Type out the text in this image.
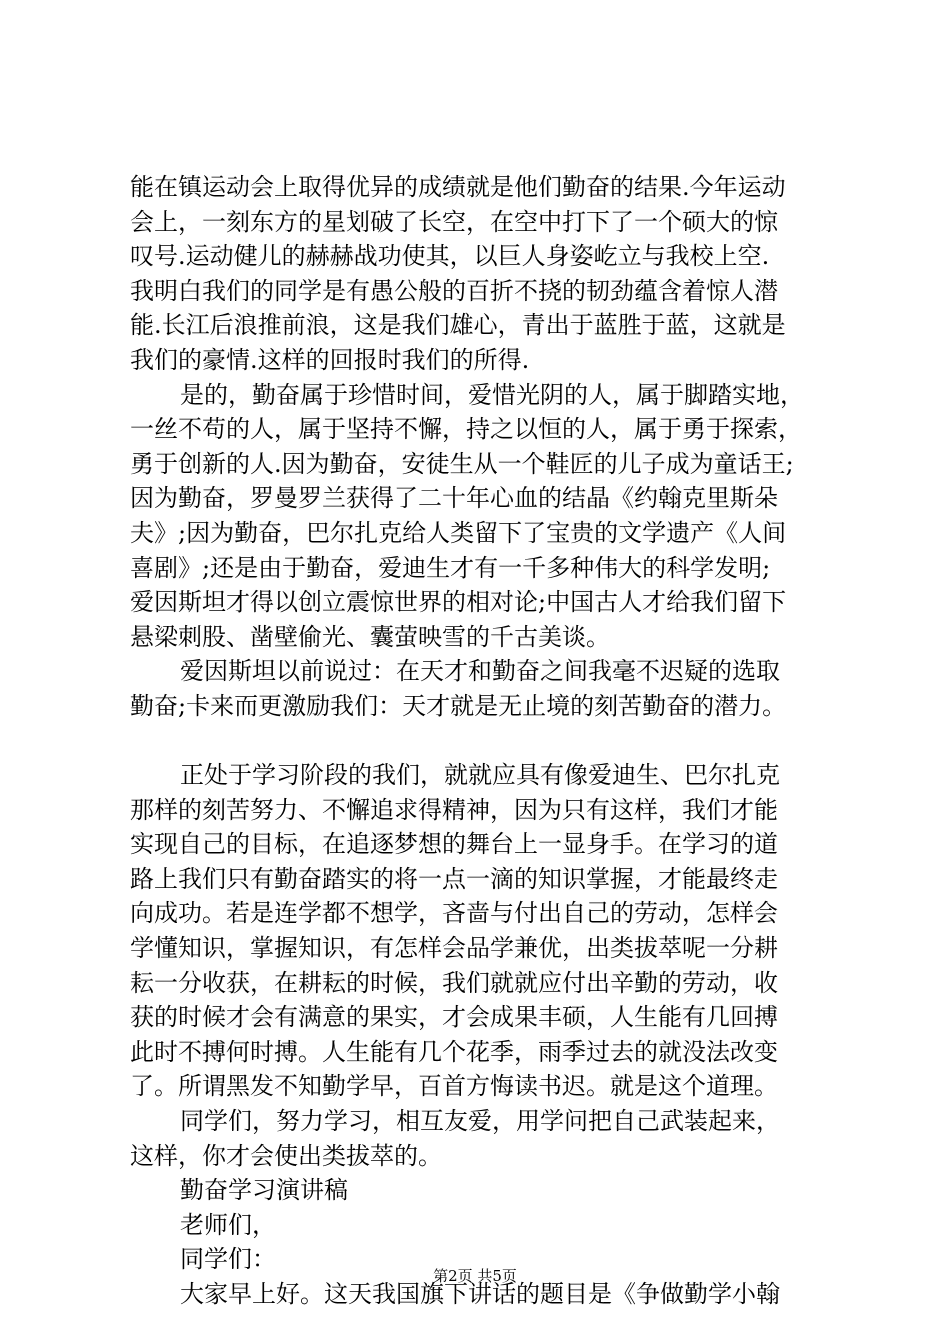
能在镇运动会上取得优异的成绩就是他们勤奋的结果.今年运动
会上，一刻东方的星划破了长空，在空中打下了一个硕大的惊
叹号.运动健儿的赫赫战功使其，以巨人身姿屹立与我校上空.
我明白我们的同学是有愚公般的百折不挠的韧劲蕴含着惊人潜
能.长江后浪推前浪，这是我们雄心，青出于蓝胜于蓝，这就是
我们的豪情.这样的回报时我们的所得.
是的，勤奋属于珍惜时间，爱惜光阴的人，属于脚踏实地，
一丝不苟的人，属于坚持不懈，持之以恒的人，属于勇于探索，
勇于创新的人.因为勤奋，安徒生从一个鞋匠的儿子成为童话王;
因为勤奋，罗曼罗兰获得了二十年心血的结晶《约翰克里斯朵
夫》;因为勤奋，巴尔扎克给人类留下了宝贵的文学遗产《人间
喜剧》;还是由于勤奋，爱迪生才有一千多种伟大的科学发明;
爱因斯坦才得以创立震惊世界的相对论;中国古人才给我们留下
悬梁刺股、凿壁偷光、囊萤映雪的千古美谈。
爱因斯坦以前说过：在天才和勤奋之间我毫不迟疑的选取
勤奋;卡来而更激励我们：天才就是无止境的刻苦勤奋的潜力。
正处于学习阶段的我们，就就应具有像爱迪生、巴尔扎克
那样的刻苦努力、不懈追求得精神，因为只有这样，我们才能
实现自己的目标，在追逐梦想的舞台上一显身手。在学习的道
路上我们只有勤奋踏实的将一点一滴的知识掌握，才能最终走
向成功。若是连学都不想学，吝啬与付出自己的劳动，怎样会
学懂知识，掌握知识，有怎样会品学兼优，出类拔萃呢一分耕
耘一分收获，在耕耘的时候，我们就就应付出辛勤的劳动，收
获的时候才会有满意的果实，才会成果丰硕，人生能有几回搏
此时不搏何时搏。人生能有几个花季，雨季过去的就没法改变
了。所谓黑发不知勤学早，百首方悔读书迟。就是这个道理。
同学们，努力学习，相互友爱，用学问把自己武装起来，
这样，你才会使出类拔萃的。
勤奋学习演讲稿
老师们，
同学们：
大家早上好。这天我国旗下讲话的题目是《争做勤学小翰
第2页 共5页
